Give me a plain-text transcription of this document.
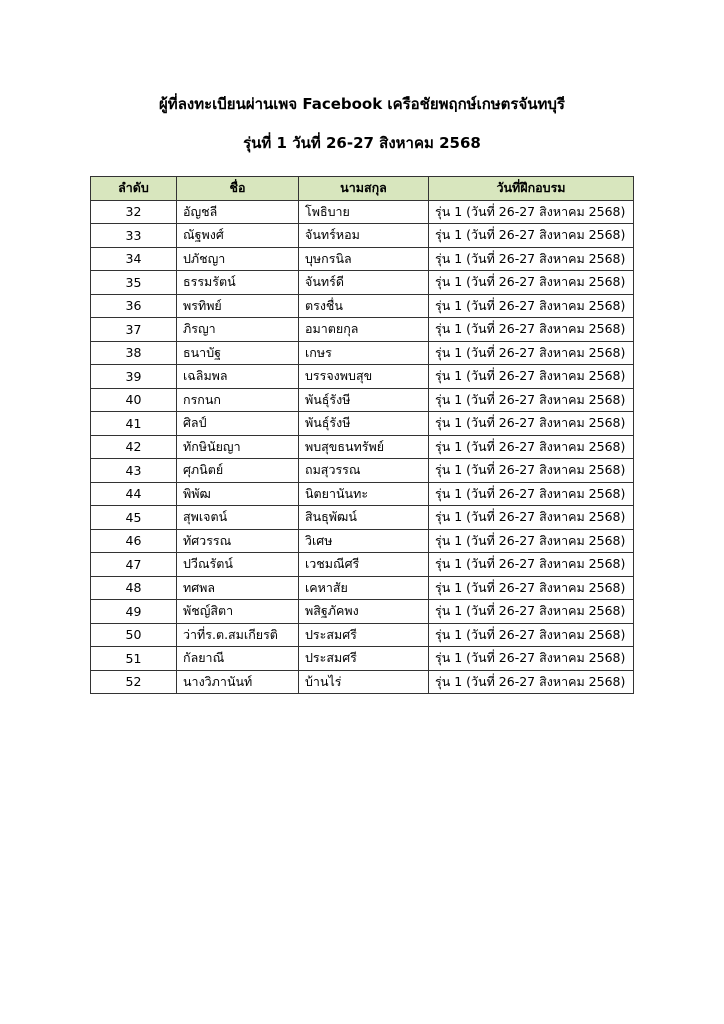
ผู้ที่ลงทะเบียนผ่านเพจ Facebook เครือชัยพฤกษ์เกษตรจันทบุรี
รุ่นที่ 1 วันที่ 26-27 สิงหาคม 2568
ลำดับ	ชื่อ	นามสกุล	วันที่ฝึกอบรม
32	อัญชลี	โพธิบาย	รุ่น 1 (วันที่ 26-27 สิงหาคม 2568)
33	ณัฐพงศ์	จันทร์หอม	รุ่น 1 (วันที่ 26-27 สิงหาคม 2568)
34	ปภัชญา	บุษกรนิล	รุ่น 1 (วันที่ 26-27 สิงหาคม 2568)
35	ธรรมรัตน์	จันทร์ดี	รุ่น 1 (วันที่ 26-27 สิงหาคม 2568)
36	พรทิพย์	ตรงชื่น	รุ่น 1 (วันที่ 26-27 สิงหาคม 2568)
37	ภิรญา	อมาตยกุล	รุ่น 1 (วันที่ 26-27 สิงหาคม 2568)
38	ธนาบัฐ	เกษร	รุ่น 1 (วันที่ 26-27 สิงหาคม 2568)
39	เฉลิมพล	บรรจงพบสุข	รุ่น 1 (วันที่ 26-27 สิงหาคม 2568)
40	กรกนก	พันธุ์รังษี	รุ่น 1 (วันที่ 26-27 สิงหาคม 2568)
41	ศิลป์	พันธุ์รังษี	รุ่น 1 (วันที่ 26-27 สิงหาคม 2568)
42	ทักษินัยญา	พบสุขธนทรัพย์	รุ่น 1 (วันที่ 26-27 สิงหาคม 2568)
43	ศุภนิตย์	ถมสุวรรณ	รุ่น 1 (วันที่ 26-27 สิงหาคม 2568)
44	พิพัฒ	นิตยานันทะ	รุ่น 1 (วันที่ 26-27 สิงหาคม 2568)
45	สุพเจตน์	สินธุพัฒน์	รุ่น 1 (วันที่ 26-27 สิงหาคม 2568)
46	ทัศวรรณ	วิเศษ	รุ่น 1 (วันที่ 26-27 สิงหาคม 2568)
47	ปวีณรัตน์	เวชมณีศรี	รุ่น 1 (วันที่ 26-27 สิงหาคม 2568)
48	ทศพล	เคหาสัย	รุ่น 1 (วันที่ 26-27 สิงหาคม 2568)
49	พัชญ์สิตา	พสิฐภัคพง	รุ่น 1 (วันที่ 26-27 สิงหาคม 2568)
50	ว่าที่ร.ต.สมเกียรติ	ประสมศรี	รุ่น 1 (วันที่ 26-27 สิงหาคม 2568)
51	กัลยาณี	ประสมศรี	รุ่น 1 (วันที่ 26-27 สิงหาคม 2568)
52	นางวิภานันท์	บ้านไร่	รุ่น 1 (วันที่ 26-27 สิงหาคม 2568)
